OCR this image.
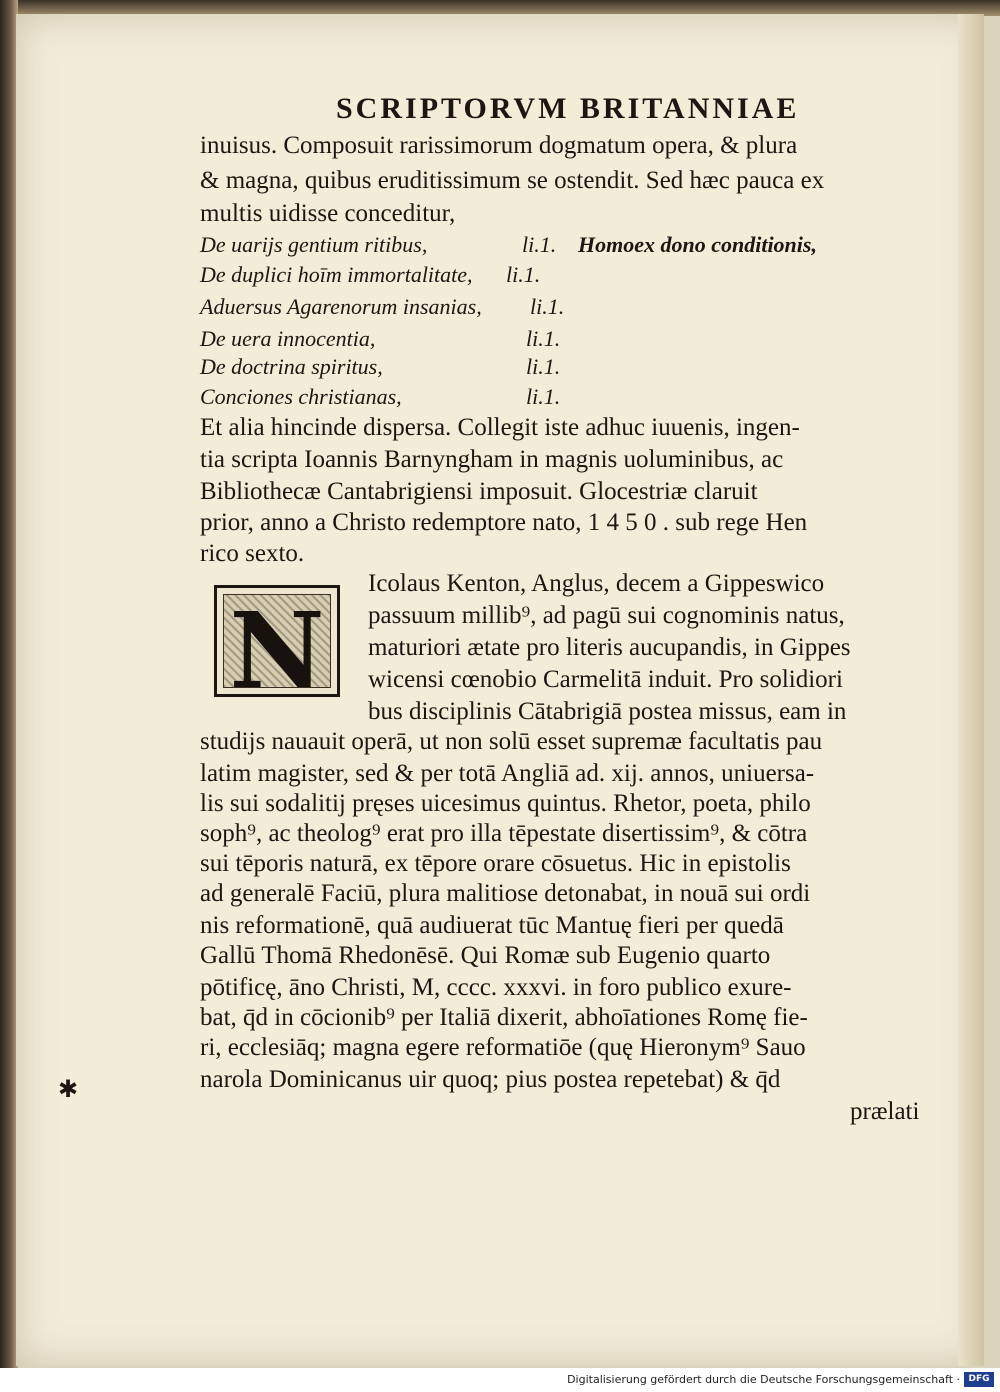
SCRIPTORVM BRITANNIAE
inuisus. Composuit rarissimorum dogmatum opera, & plura
& magna, quibus eruditissimum se ostendit. Sed hæc pauca ex
multis uidisse conceditur,
De uarijs gentium ritibus,	li.1. Homoex dono conditionis,
De duplici hoīm immortalitate, li.1.
Aduersus Agarenorum insanias, li.1.
De uera innocentia,	li.1.
De doctrina spiritus,	li.1.
Conciones christianas,	li.1.
Et alia hincinde dispersa. Collegit iste adhuc iuuenis, ingen-
tia scripta Ioannis Barnyngham in magnis uoluminibus, ac
Bibliothecæ Cantabrigiensi imposuit. Glocestriæ claruit
prior, anno a Christo redemptore nato, 1 4 5 0 . sub rege Hen
rico sexto.
N
Icolaus Kenton, Anglus, decem a Gippeswico
passuum millib⁹, ad pagū sui cognominis natus,
maturiori ætate pro literis aucupandis, in Gippes
wicensi cœnobio Carmelitā induit. Pro solidiori
bus disciplinis Cātabrigiā postea missus, eam in
studijs nauauit operā, ut non solū esset supremæ facultatis pau
latim magister, sed & per totā Angliā ad. xij. annos, uniuersa-
lis sui sodalitij pręses uicesimus quintus. Rhetor, poeta, philo
soph⁹, ac theolog⁹ erat pro illa tēpestate disertissim⁹, & cōtra
sui tēporis naturā, ex tēpore orare cōsuetus. Hic in epistolis
ad generalē Faciū, plura malitiose detonabat, in nouā sui ordi
nis reformationē, quā audiuerat tūc Mantuę fieri per quedā
Gallū Thomā Rhedonēsē. Qui Romæ sub Eugenio quarto
pōtificę, āno Christi, M, cccc. xxxvi. in foro publico exure-
bat, q̄d in cōcionib⁹ per Italiā dixerit, abhoīationes Romę fie-
ri, ecclesiāq; magna egere reformatiōe (quę Hieronym⁹ Sauo
narola Dominicanus uir quoq; pius postea repetebat) & q̄d
prælati
✱
Digitalisierung gefördert durch die Deutsche Forschungsgemeinschaft · DFG
